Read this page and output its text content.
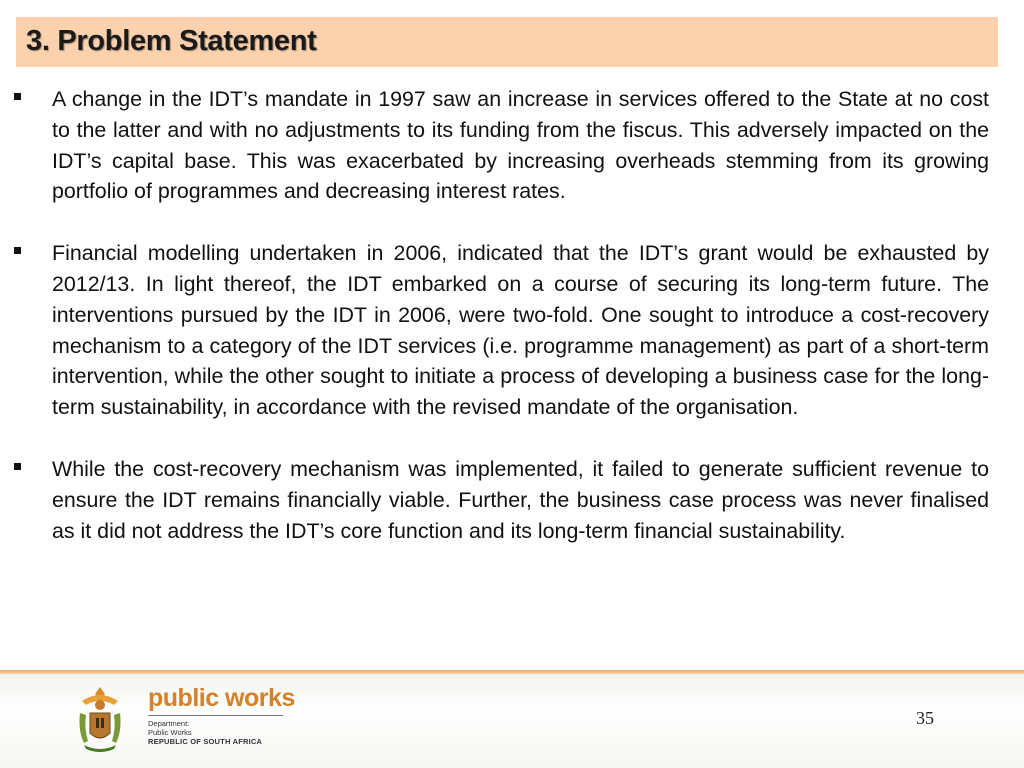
3. Problem Statement
A change in the IDT’s mandate in 1997 saw an increase in services offered to the State at no cost to the latter and with no adjustments to its funding from the fiscus. This adversely impacted on the IDT’s capital base. This was exacerbated by increasing overheads stemming from its growing portfolio of programmes and decreasing interest rates.
Financial modelling undertaken in 2006, indicated that the IDT’s grant would be exhausted by 2012/13. In light thereof, the IDT embarked on a course of securing its long-term future. The interventions pursued by the IDT in 2006, were two-fold. One sought to introduce a cost-recovery mechanism to a category of the IDT services (i.e. programme management) as part of a short-term intervention, while the other sought to initiate a process of developing a business case for the long-term sustainability, in accordance with the revised mandate of the organisation.
While the cost-recovery mechanism was implemented, it failed to generate sufficient revenue to ensure the IDT remains financially viable. Further, the business case process was never finalised as it did not address the IDT’s core function and its long-term financial sustainability.
public works
Department:
Public Works
REPUBLIC OF SOUTH AFRICA
35
